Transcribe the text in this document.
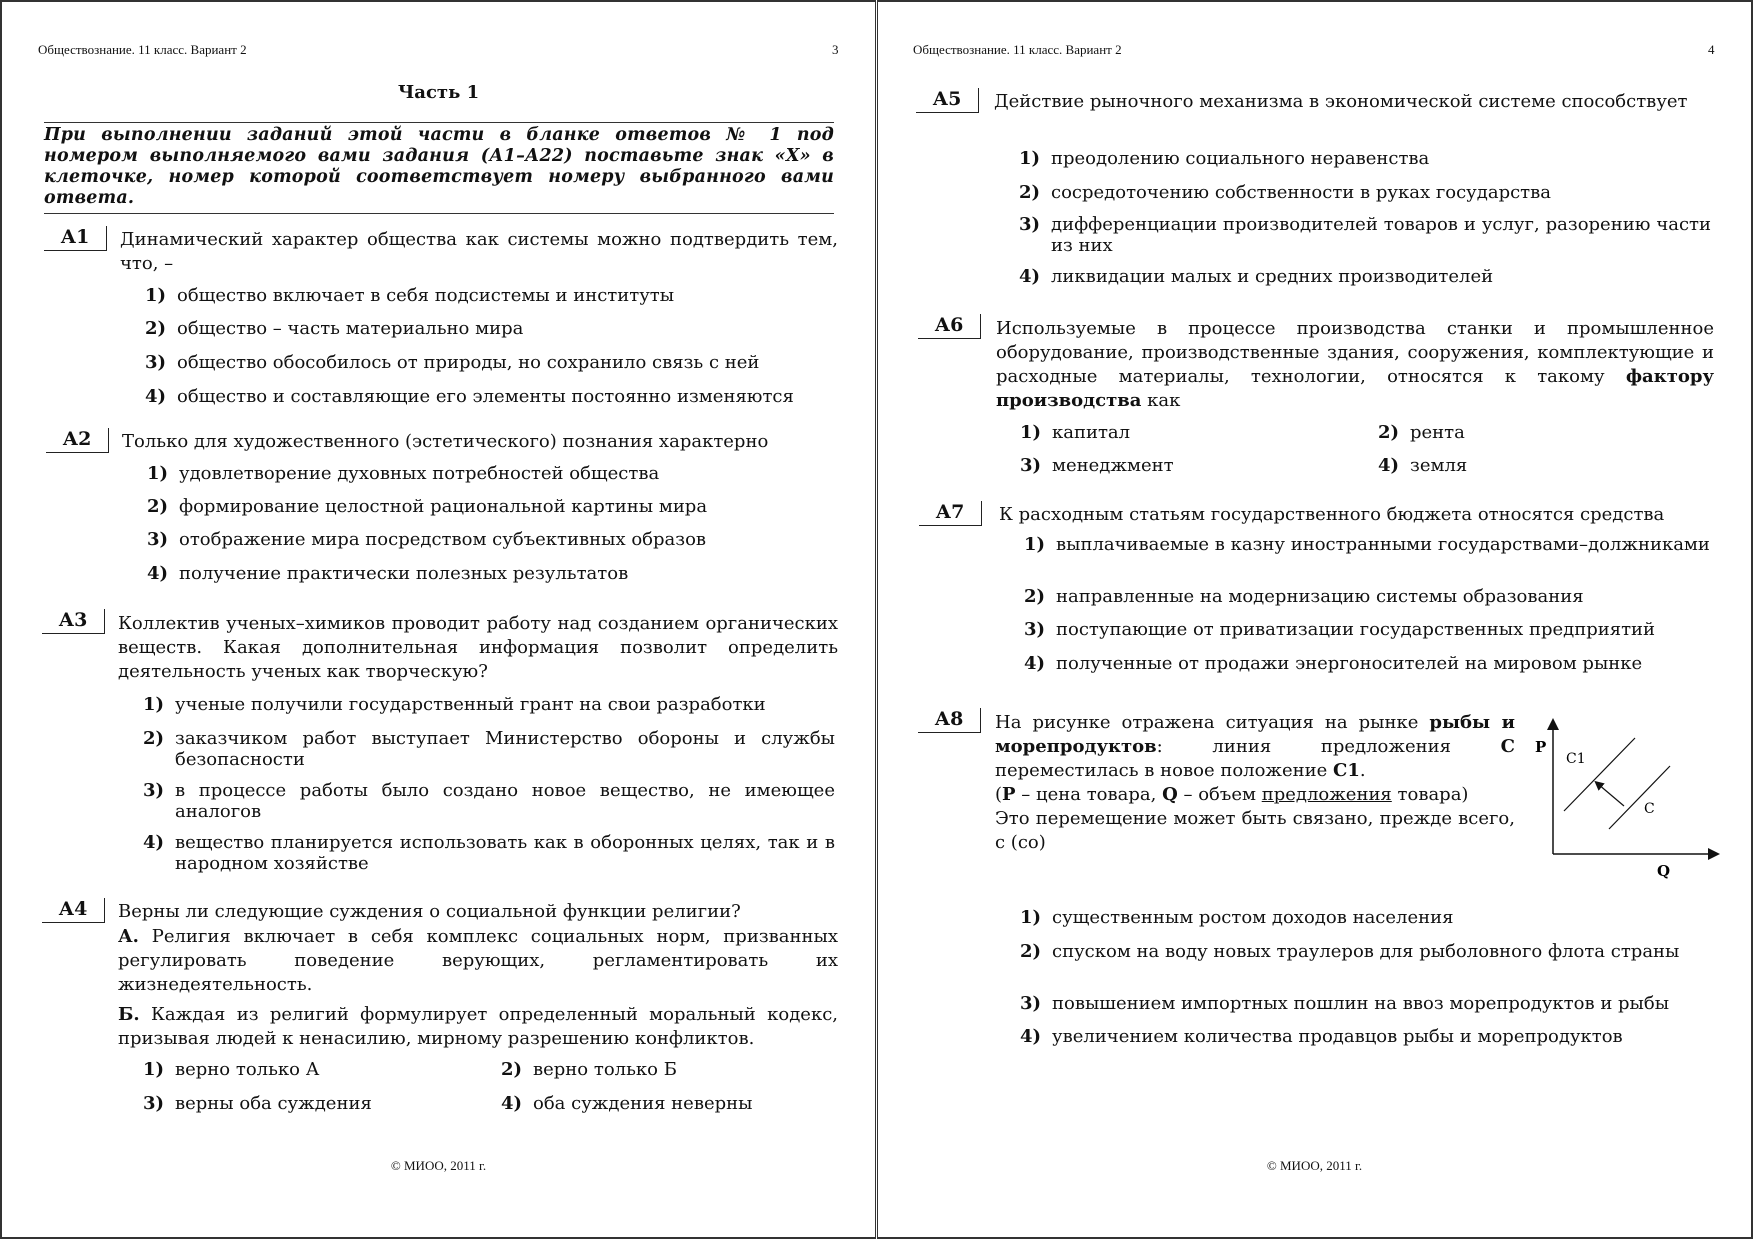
Обществознание. 11 класс. Вариант 2	3
Часть 1
При выполнении заданий этой части в бланке ответов № 1 под номером выполняемого вами задания (А1–А22) поставьте знак «Х» в клеточке, номер которой соответствует номеру выбранного вами ответа.
А1	Динамический характер общества как системы можно подтвердить тем, что, –
1) общество включает в себя подсистемы и институты
2) общество – часть материально мира
3) общество обособилось от природы, но сохранило связь с ней
4) общество и составляющие его элементы постоянно изменяются
А2	Только для художественного (эстетического) познания характерно
1) удовлетворение духовных потребностей общества
2) формирование целостной рациональной картины мира
3) отображение мира посредством субъективных образов
4) получение практически полезных результатов
А3	Коллектив ученых–химиков проводит работу над созданием органических веществ. Какая дополнительная информация позволит определить деятельность ученых как творческую?
1) ученые получили государственный грант на свои разработки
2) заказчиком работ выступает Министерство обороны и службы безопасности
3) в процессе работы было создано новое вещество, не имеющее аналогов
4) вещество планируется использовать как в оборонных целях, так и в народном хозяйстве
А4	Верны ли следующие суждения о социальной функции религии?
А. Религия включает в себя комплекс социальных норм, призванных регулировать поведение верующих, регламентировать их жизнедеятельность.
Б. Каждая из религий формулирует определенный моральный кодекс, призывая людей к ненасилию, мирному разрешению конфликтов.
1) верно только А	2) верно только Б
3) верны оба суждения	4) оба суждения неверны
© МИОО, 2011 г.
Обществознание. 11 класс. Вариант 2	4
А5	Действие рыночного механизма в экономической системе способствует
1) преодолению социального неравенства
2) сосредоточению собственности в руках государства
3) дифференциации производителей товаров и услуг, разорению части из них
4) ликвидации малых и средних производителей
А6	Используемые в процессе производства станки и промышленное оборудование, производственные здания, сооружения, комплектующие и расходные материалы, технологии, относятся к такому фактору производства как
1) капитал	2) рента
3) менеджмент	4) земля
А7	К расходным статьям государственного бюджета относятся средства
1) выплачиваемые в казну иностранными государствами–должниками
2) направленные на модернизацию системы образования
3) поступающие от приватизации государственных предприятий
4) полученные от продажи энергоносителей на мировом рынке
А8	На рисунке отражена ситуация на рынке рыбы и морепродуктов: линия предложения	С переместилась в новое положение С1.
(Р – цена товара, Q – объем предложения товара)
Это перемещение может быть связано, прежде всего, с (со)
P
Q
C1
C
1) существенным ростом доходов населения
2) спуском на воду новых траулеров для рыболовного флота страны
3) повышением импортных пошлин на ввоз морепродуктов и рыбы
4) увеличением количества продавцов рыбы и морепродуктов
© МИОО, 2011 г.
